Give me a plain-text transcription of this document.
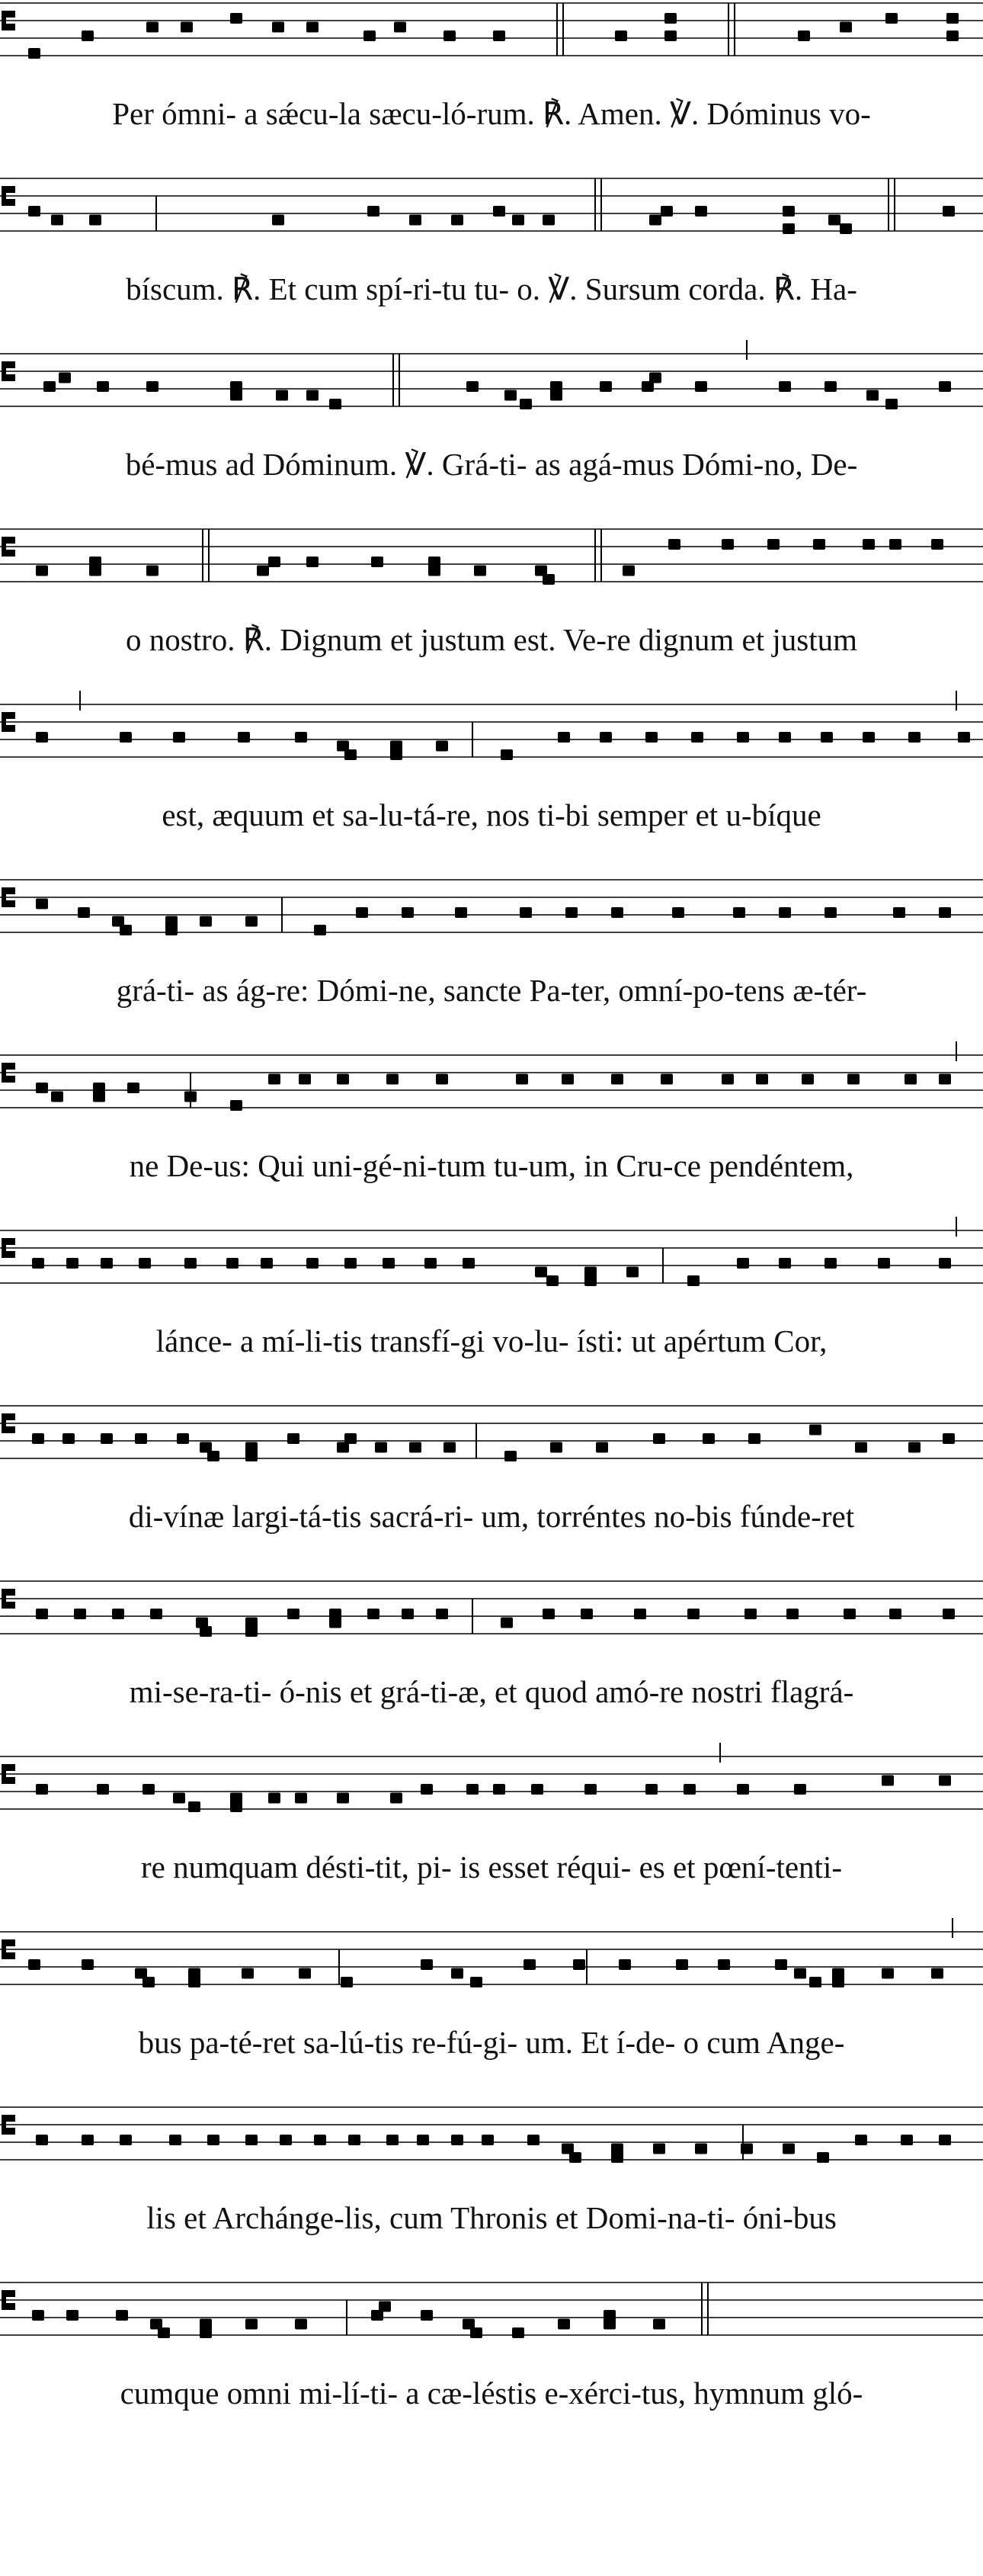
Per ómni- a sǽcu-la sæcu-ló-rum. ℟. Amen. ℣. Dóminus vo-
bíscum. ℟. Et cum spí-ri-tu tu- o. ℣. Sursum corda. ℟. Ha-
bé-mus ad Dóminum. ℣. Grá-ti- as agá-mus Dómi-no, De-
o nostro. ℟. Dignum et justum est. Ve-re dignum et justum
est, æquum et sa-lu-tá-re, nos ti-bi semper et u-bíque
grá-ti- as ág-re: Dómi-ne, sancte Pa-ter, omní-po-tens æ-tér-
ne De-us: Qui uni-gé-ni-tum tu-um, in Cru-ce pendéntem,
lánce- a mí-li-tis transfí-gi vo-lu- ísti: ut apértum Cor,
di-vínæ largi-tá-tis sacrá-ri- um, torréntes no-bis fúnde-ret
mi-se-ra-ti- ó-nis et grá-ti-æ, et quod amó-re nostri flagrá-
re numquam désti-tit, pi- is esset réqui- es et pœní-tenti-
bus pa-té-ret sa-lú-tis re-fú-gi- um. Et í-de- o cum Ange-
lis et Archánge-lis, cum Thronis et Domi-na-ti- óni-bus
cumque omni mi-lí-ti- a cæ-léstis e-xérci-tus, hymnum gló-
